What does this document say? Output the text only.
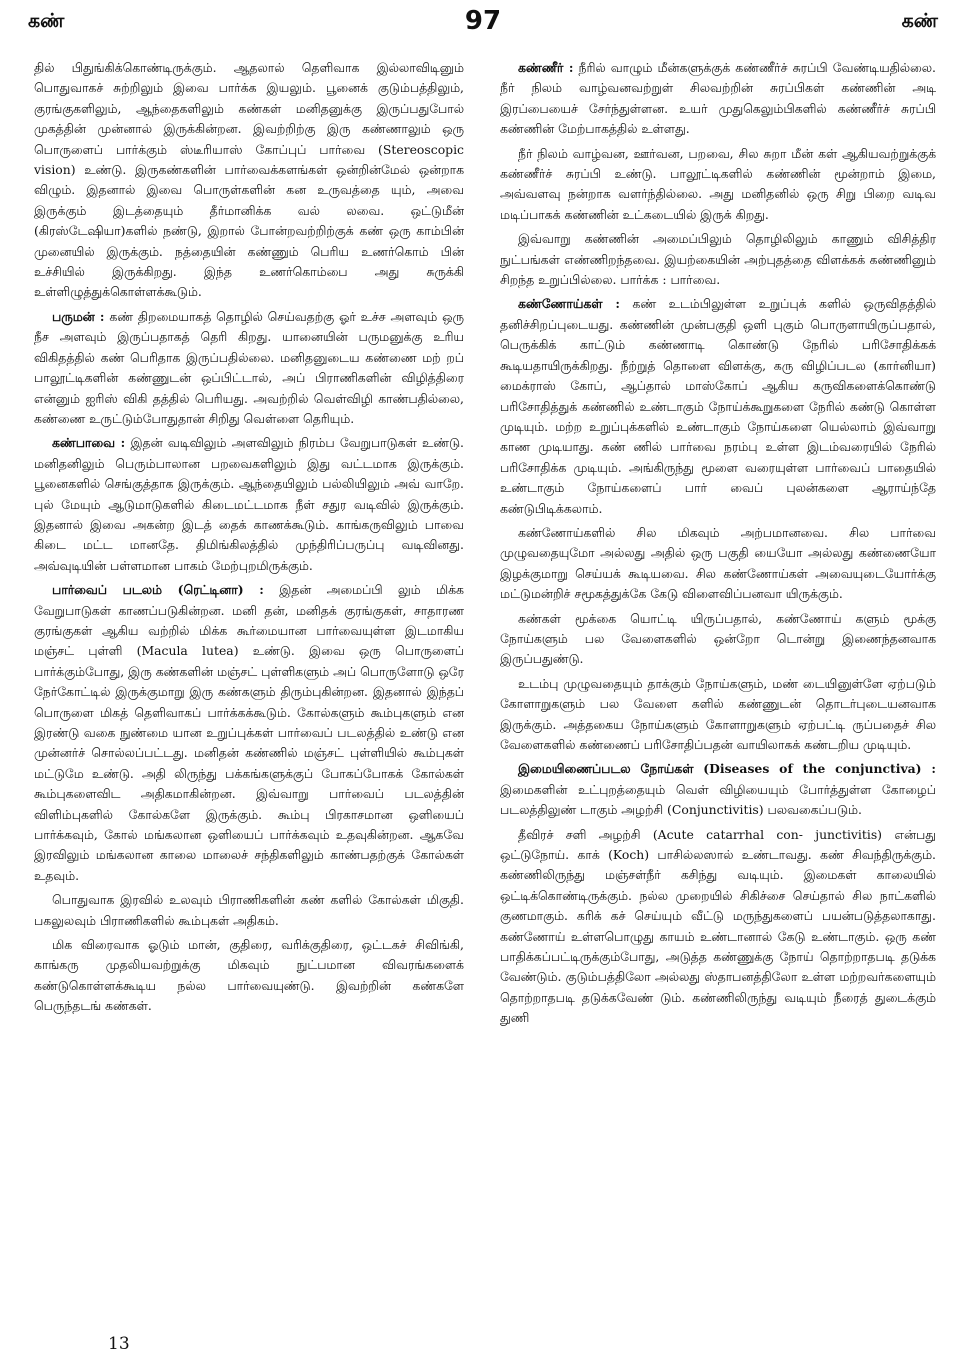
கண்	97	கண்

தில் பிதுங்கிக்கொண்டிருக்கும். ஆதலால் தெளிவாக இல்லாவிடினும் பொதுவாகச் சுற்றிலும் இவை பார்க்க இயலும். பூனைக் குடும்பத்திலும், குரங்குகளிலும், ஆந்தைகளிலும் கண்கள் மனிதனுக்கு இருப்பதுபோல் முகத்தின் முன்னால் இருக்கின்றன. இவற்றிற்கு இரு கண்ணாலும் ஒரு பொருளைப் பார்க்கும் ஸ்டீரியாஸ் கோப்புப் பார்வை (Stereoscopic vision) உண்டு. இருகண்களின் பார்வைக்களங்கள் ஒன்றின்மேல் ஒன்றாக விழும். இதனால் இவை பொருள்களின் கன உருவத்தை யும், அவை இருக்கும் இடத்தையும் தீர்மானிக்க வல் லவை. ஒட்டுமீன் (கிரஸ்டேஷியா)களில் நண்டு, இறால் போன்றவற்றிற்குக் கண் ஒரு காம்பின் முனையில் இருக்கும். நத்தையின் கண்ணும் பெரிய உணர்கொம் பின் உச்சியில் இருக்கிறது. இந்த உணர்கொம்பை அது சுருக்கி உள்ளிழுத்துக்கொள்ளக்கூடும்.

பருமன் : கண் திறமையாகத் தொழில் செய்வதற்கு ஓர் உச்ச அளவும் ஒரு நீச அளவும் இருப்பதாகத் தெரி கிறது. யானையின் பருமனுக்கு உரிய விகிதத்தில் கண் பெரிதாக இருப்பதில்லை. மனிதனுடைய கண்ணை மற் றப் பாலூட்டிகளின் கண்ணுடன் ஒப்பிட்டால், அப் பிராணிகளின் விழித்திரை என்னும் ஐரிஸ் விகி தத்தில் பெரியது. அவற்றில் வெள்விழி காண்பதில்லை, கண்ணை உருட்டும்போதுதான் சிறிது வெள்ளை தெரியும்.

கண்பாவை : இதன் வடிவிலும் அளவிலும் நிரம்ப வேறுபாடுகள் உண்டு. மனிதனிலும் பெரும்பாலான பறவைகளிலும் இது வட்டமாக இருக்கும். பூனைகளில் செங்குத்தாக இருக்கும். ஆந்தையிலும் பல்லியிலும் அவ் வாறே. புல் மேயும் ஆடுமாடுகளில் கிடைமட்டமாக நீள் சதுர வடிவில் இருக்கும். இதனால் இவை அகன்ற இடத் தைக் காணக்கூடும். காங்கருவிலும் பாவை கிடை மட்ட மானதே. திமிங்கிலத்தில் முந்திரிப்பருப்பு வடிவினது. அவ்வுடியின் பள்ளமான பாகம் மேற்புறமிருக்கும்.

பார்வைப் படலம் (ரெட்டினா) : இதன் அமைப்பி லும் மிக்க வேறுபாடுகள் காணப்படுகின்றன. மனி தன், மனிதக் குரங்குகள், சாதாரண குரங்குகள் ஆகிய வற்றில் மிக்க கூர்மையான பார்வையுள்ள இடமாகிய மஞ்சட் புள்ளி (Macula lutea) உண்டு. இவை ஒரு பொருளைப் பார்க்கும்போது, இரு கண்களின் மஞ்சட் புள்ளிகளும் அப் பொருளோடு ஒரே நேர்கோட்டில் இருக்குமாறு இரு கண்களும் திரும்புகின்றன. இதனால் இந்தப் பொருளை மிகத் தெளிவாகப் பார்க்கக்கூடும். கோல்களும் கூம்புகளும் என இரண்டு வகை நுண்மை யான உறுப்புக்கள் பார்வைப் படலத்தில் உண்டு என முன்னர்ச் சொல்லப்பட்டது. மனிதன் கண்ணில் மஞ்சட் புள்ளியில் கூம்புகள் மட்டுமே உண்டு. அதி லிருந்து பக்கங்களுக்குப் போகப்போகக் கோல்கள் கூம்புகளைவிட அதிகமாகின்றன. இவ்வாறு பார்வைப் படலத்தின் விளிம்புகளில் கோல்களே இருக்கும். கூம்பு பிரகாசமான ஒளியைப் பார்க்கவும், கோல் மங்கலான ஒளியைப் பார்க்கவும் உதவுகின்றன. ஆகவே இரவிலும் மங்கலான காலை மாலைச் சந்திகளிலும் காண்பதற்குக் கோல்கள் உதவும்.

பொதுவாக இரவில் உலவும் பிராணிகளின் கண் களில் கோல்கள் மிகுதி. பகலுலவும் பிராணிகளில் கூம்புகள் அதிகம்.

மிக விரைவாக ஓடும் மான், குதிரை, வரிக்குதிரை, ஒட்டகச் சிவிங்கி, காங்கரு முதலியவற்றுக்கு மிகவும் நுட்பமான விவரங்களைக் கண்டுகொள்ளக்கூடிய நல்ல பார்வையுண்டு. இவற்றின் கண்களே பெருந்தடங் கண்கள்.

கண்ணீர் : நீரில் வாழும் மீன்களுக்குக் கண்ணீர்ச் சுரப்பி வேண்டியதில்லை. நீர் நிலம் வாழ்வனவற்றுள் சிலவற்றின் சுரப்பிகள் கண்ணின் அடி இரப்பையைச் சேர்ந்துள்ளன. உயர் முதுகெலும்பிகளில் கண்ணீர்ச் சுரப்பி கண்ணின் மேற்பாகத்தில் உள்ளது.

நீர் நிலம் வாழ்வன, ஊர்வன, பறவை, சில சுறா மீன் கள் ஆகியவற்றுக்குக் கண்ணீர்ச் சுரப்பி உண்டு. பாலூட்டிகளில் கண்ணின் மூன்றாம் இமை, அவ்வளவு நன்றாக வளர்ந்தில்லை. அது மனிதனில் ஒரு சிறு பிறை வடிவ மடிப்பாகக் கண்ணின் உட்கடையில் இருக் கிறது.

இவ்வாறு கண்ணின் அமைப்பிலும் தொழிலிலும் காணும் விசித்திர நுட்பங்கள் எண்ணிறந்தவை. இயற்கையின் அற்புதத்தை விளக்கக் கண்ணினும் சிறந்த உறுப்பில்லை. பார்க்க : பார்வை.

கண்ணோய்கள் : கண் உடம்பிலுள்ள உறுப்புக் களில் ஒருவிதத்தில் தனிச்சிறப்புடையது. கண்ணின் முன்பகுதி ஒளி புகும் பொருளாயிருப்பதால், பெருக்கிக் காட்டும் கண்ணாடி கொண்டு நேரில் பரிசோதிக்கக் கூடியதாயிருக்கிறது. நீற்றுத் தொளை விளக்கு, கரு விழிப்படல (கார்னியா) மைக்ராஸ் கோப், ஆப்தால் மாஸ்கோப் ஆகிய கருவிகளைக்கொண்டு பரிசோதித்துக் கண்ணில் உண்டாகும் நோய்க்கூறுகளை நேரில் கண்டு கொள்ள முடியும். மற்ற உறுப்புக்களில் உண்டாகும் நோய்களை யெல்லாம் இவ்வாறு காண முடியாது. கண் ணில் பார்வை நரம்பு உள்ள இடம்வரையில் நேரில் பரிசோதிக்க முடியும். அங்கிருந்து மூளை வரையுள்ள பார்வைப் பாதையில் உண்டாகும் நோய்களைப் பார் வைப் புலன்களை ஆராய்ந்தே கண்டுபிடிக்கலாம்.

கண்ணோய்களில் சில மிகவும் அற்பமானவை. சில பார்வை முழுவதையுமோ அல்லது அதில் ஒரு பகுதி யையோ அல்லது கண்ணையோ இழக்குமாறு செய்யக் கூடியவை. சில கண்ணோய்கள் அவையுடையோர்க்கு மட்டுமன்றிச் சமூகத்துக்கே கேடு விளைவிப்பனவா யிருக்கும்.

கண்கள் மூக்கை யொட்டி யிருப்பதால், கண்ணோய் களும் மூக்கு நோய்களும் பல வேளைகளில் ஒன்றோ டொன்று இணைந்தனவாக இருப்பதுண்டு.

உடம்பு முழுவதையும் தாக்கும் நோய்களும், மண் டையினுள்ளே ஏற்படும் கோளாறுகளும் பல வேளை களில் கண்ணுடன் தொடர்புடையனவாக இருக்கும். அத்தகைய நோய்களும் கோளாறுகளும் ஏற்பட்டி ருப்பதைச் சில வேளைகளில் கண்ணைப் பரிசோதிப்பதன் வாயிலாகக் கண்டறிய முடியும்.

இமையிணைப்படல நோய்கள் (Diseases of the conjunctiva) : இமைகளின் உட்புறத்தையும் வெள் விழியையும் போர்த்துள்ள கோழைப் படலத்திலுண் டாகும் அழற்சி (Conjunctivitis) பலவகைப்படும்.

தீவிரச் சளி அழற்சி (Acute catarrhal con- junctivitis) என்பது ஒட்டுநோய். காக் (Koch) பாசில்லஸால் உண்டாவது. கண் சிவந்திருக்கும். கண்ணிலிருந்து மஞ்சள்நீர் கசிந்து வடியும். இமைகள் காலையில் ஒட்டிக்கொண்டிருக்கும். நல்ல முறையில் சிகிச்சை செய்தால் சில நாட்களில் குணமாகும். கரிக் கச் செய்யும் வீட்டு மருந்துகளைப் பயன்படுத்தலாகாது. கண்ணோய் உள்ளபொழுது காயம் உண்டானால் கேடு உண்டாகும். ஒரு கண் பாதிக்கப்பட்டிருக்கும்போது, அடுத்த கண்ணுக்கு நோய் தொற்றாதபடி தடுக்க வேண்டும். குடும்பத்திலோ அல்லது ஸ்தாபனத்திலோ உள்ள மற்றவர்களையும் தொற்றாதபடி தடுக்கவேண் டும். கண்ணிலிருந்து வடியும் நீரைத் துடைக்கும் துணி

13
